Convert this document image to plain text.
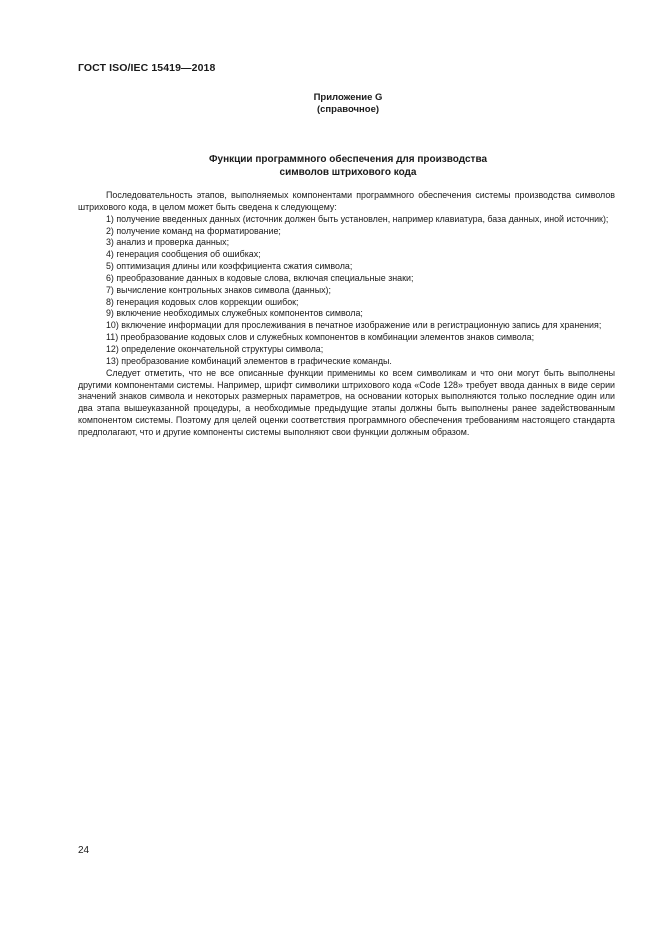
ГОСТ ISO/IEC 15419—2018
Приложение G
(справочное)
Функции программного обеспечения для производства
символов штрихового кода

Последовательность этапов, выполняемых компонентами программного обеспечения системы производства символов штрихового кода, в целом может быть сведена к следующему:

1) получение введенных данных (источник должен быть установлен, например клавиатура, база данных, иной источник);

2) получение команд на форматирование;

3) анализ и проверка данных;

4) генерация сообщения об ошибках;

5) оптимизация длины или коэффициента сжатия символа;

6) преобразование данных в кодовые слова, включая специальные знаки;

7) вычисление контрольных знаков символа (данных);

8) генерация кодовых слов коррекции ошибок;

9) включение необходимых служебных компонентов символа;

10) включение информации для прослеживания в печатное изображение или в регистрационную запись для хранения;

11) преобразование кодовых слов и служебных компонентов в комбинации элементов знаков символа;

12) определение окончательной структуры символа;

13) преобразование комбинаций элементов в графические команды.

Следует отметить, что не все описанные функции применимы ко всем символикам и что они могут быть выполнены другими компонентами системы. Например, шрифт символики штрихового кода «Code 128» требует ввода данных в виде серии значений знаков символа и некоторых размерных параметров, на основании которых выполняются только последние один или два этапа вышеуказанной процедуры, а необходимые предыдущие этапы должны быть выполнены ранее задействованным компонентом системы. Поэтому для целей оценки соответствия программного обеспечения требованиям настоящего стандарта предполагают, что и другие компоненты системы выполняют свои функции должным образом.

24
